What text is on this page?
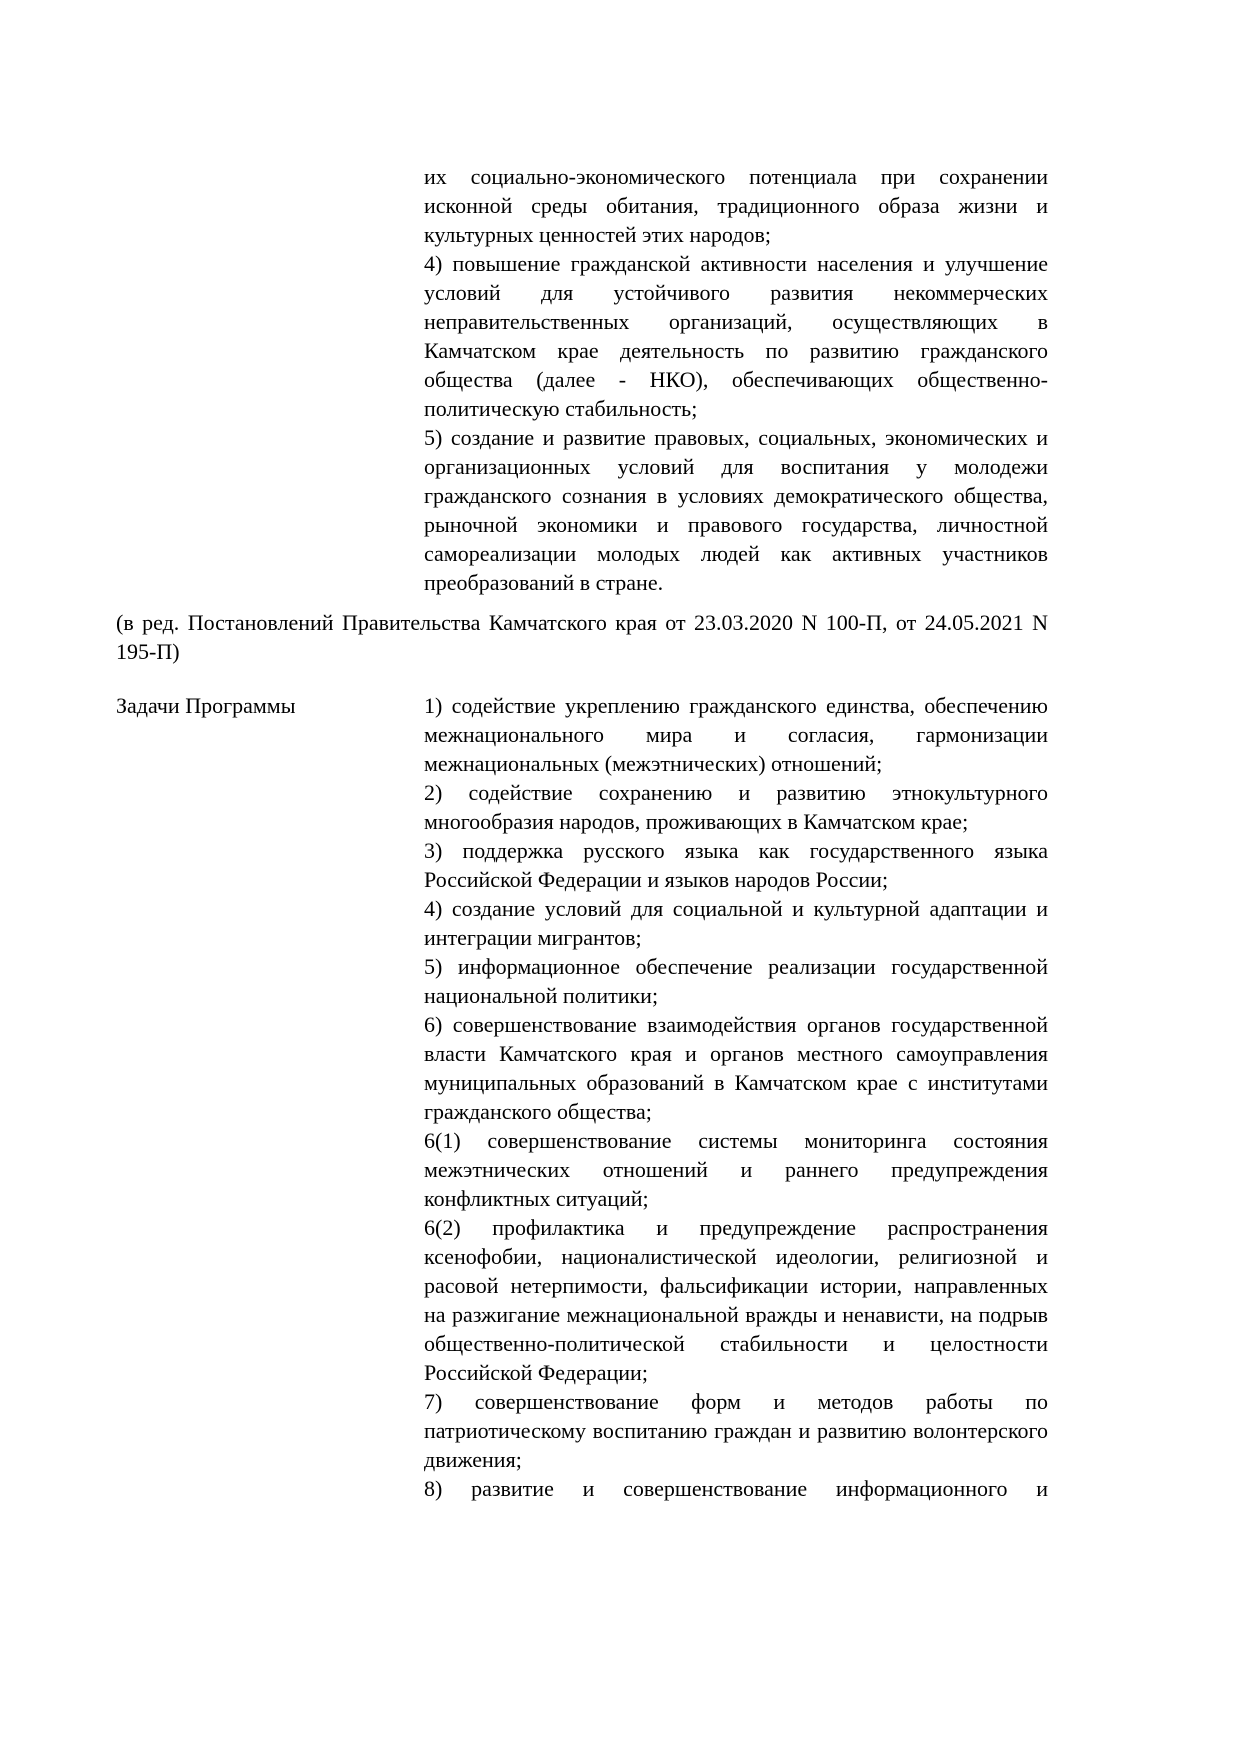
их социально-экономического потенциала при сохранении исконной среды обитания, традиционного образа жизни и культурных ценностей этих народов;

4) повышение гражданской активности населения и улучшение условий для устойчивого развития некоммерческих неправительственных организаций, осуществляющих в Камчатском крае деятельность по развитию гражданского общества (далее - НКО), обеспечивающих общественно-политическую стабильность;

5) создание и развитие правовых, социальных, экономических и организационных условий для воспитания у молодежи гражданского сознания в условиях демократического общества, рыночной экономики и правового государства, личностной самореализации молодых людей как активных участников преобразований в стране.

(в ред. Постановлений Правительства Камчатского края от 23.03.2020 N 100-П, от 24.05.2021 N 195-П)

Задачи Программы	1) содействие укреплению гражданского единства, обеспечению межнационального мира и согласия, гармонизации межнациональных (межэтнических) отношений;

2) содействие сохранению и развитию этнокультурного многообразия народов, проживающих в Камчатском крае;

3) поддержка русского языка как государственного языка Российской Федерации и языков народов России;

4) создание условий для социальной и культурной адаптации и интеграции мигрантов;

5) информационное обеспечение реализации государственной национальной политики;

6) совершенствование взаимодействия органов государственной власти Камчатского края и органов местного самоуправления муниципальных образований в Камчатском крае с институтами гражданского общества;

6(1) совершенствование системы мониторинга состояния межэтнических отношений и раннего предупреждения конфликтных ситуаций;

6(2) профилактика и предупреждение распространения ксенофобии, националистической идеологии, религиозной и расовой нетерпимости, фальсификации истории, направленных на разжигание межнациональной вражды и ненависти, на подрыв общественно-политической стабильности и целостности Российской Федерации;

7) совершенствование форм и методов работы по патриотическому воспитанию граждан и развитию волонтерского движения;

8) развитие и совершенствование информационного и
